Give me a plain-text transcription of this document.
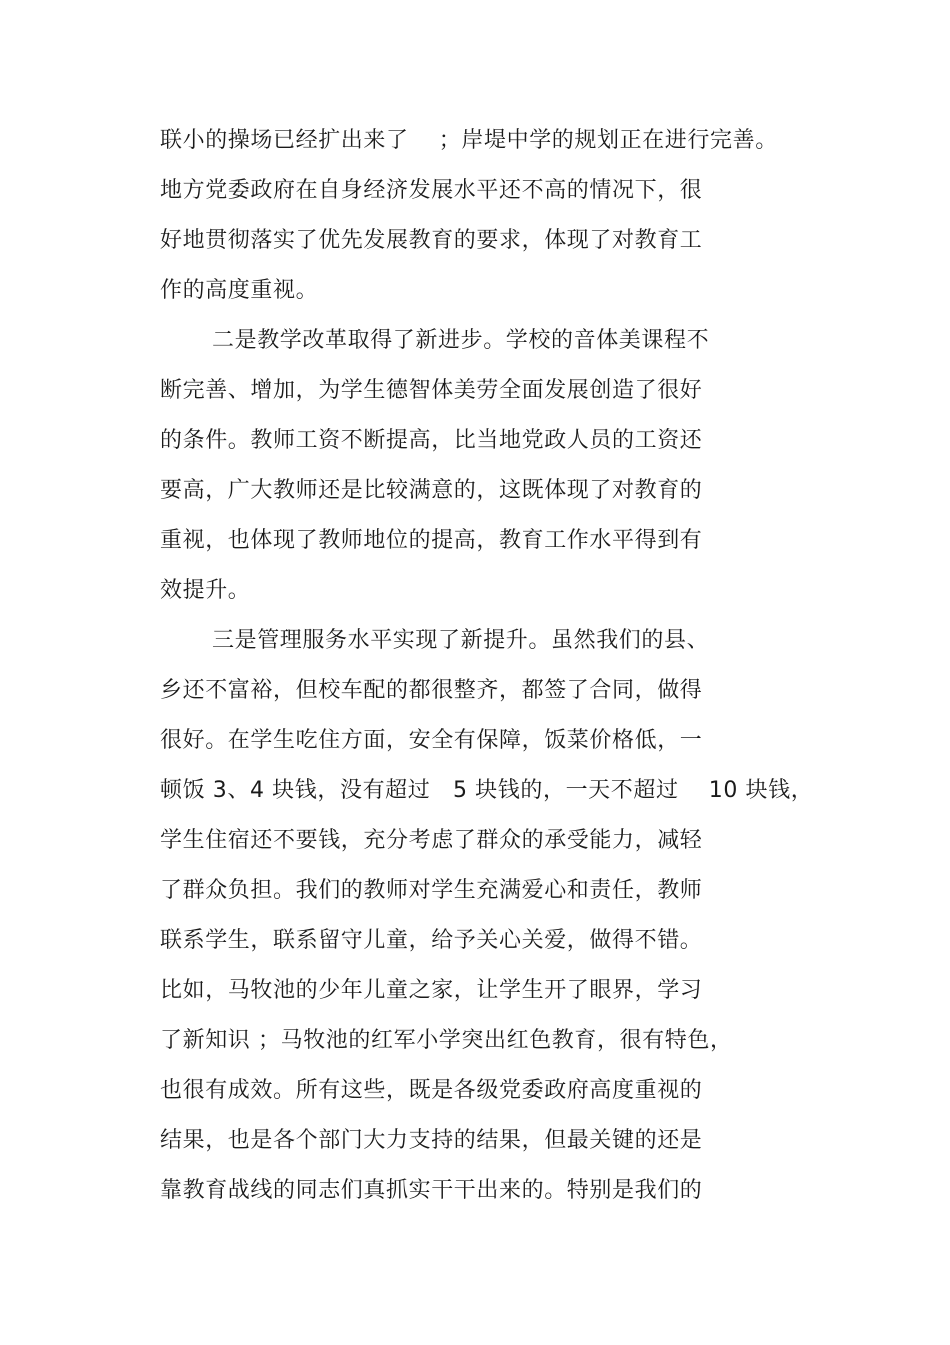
联小的操场已经扩出来了　 ；岸堤中学的规划正在进行完善。
地方党委政府在自身经济发展水平还不高的情况下，很
好地贯彻落实了优先发展教育的要求，体现了对教育工
作的高度重视。
二是教学改革取得了新进步。学校的音体美课程不
断完善、增加，为学生德智体美劳全面发展创造了很好
的条件。教师工资不断提高，比当地党政人员的工资还
要高，广大教师还是比较满意的，这既体现了对教育的
重视，也体现了教师地位的提高，教育工作水平得到有
效提升。
三是管理服务水平实现了新提升。虽然我们的县、
乡还不富裕，但校车配的都很整齐，都签了合同，做得
很好。在学生吃住方面，安全有保障，饭菜价格低，一
顿饭 3、4 块钱，没有超过　5 块钱的，一天不超过　 10 块钱，
学生住宿还不要钱，充分考虑了群众的承受能力，减轻
了群众负担。我们的教师对学生充满爱心和责任，教师
联系学生，联系留守儿童，给予关心关爱，做得不错。
比如，马牧池的少年儿童之家，让学生开了眼界，学习
了新知识 ；马牧池的红军小学突出红色教育，很有特色，
也很有成效。所有这些，既是各级党委政府高度重视的
结果，也是各个部门大力支持的结果，但最关键的还是
靠教育战线的同志们真抓实干干出来的。特别是我们的
